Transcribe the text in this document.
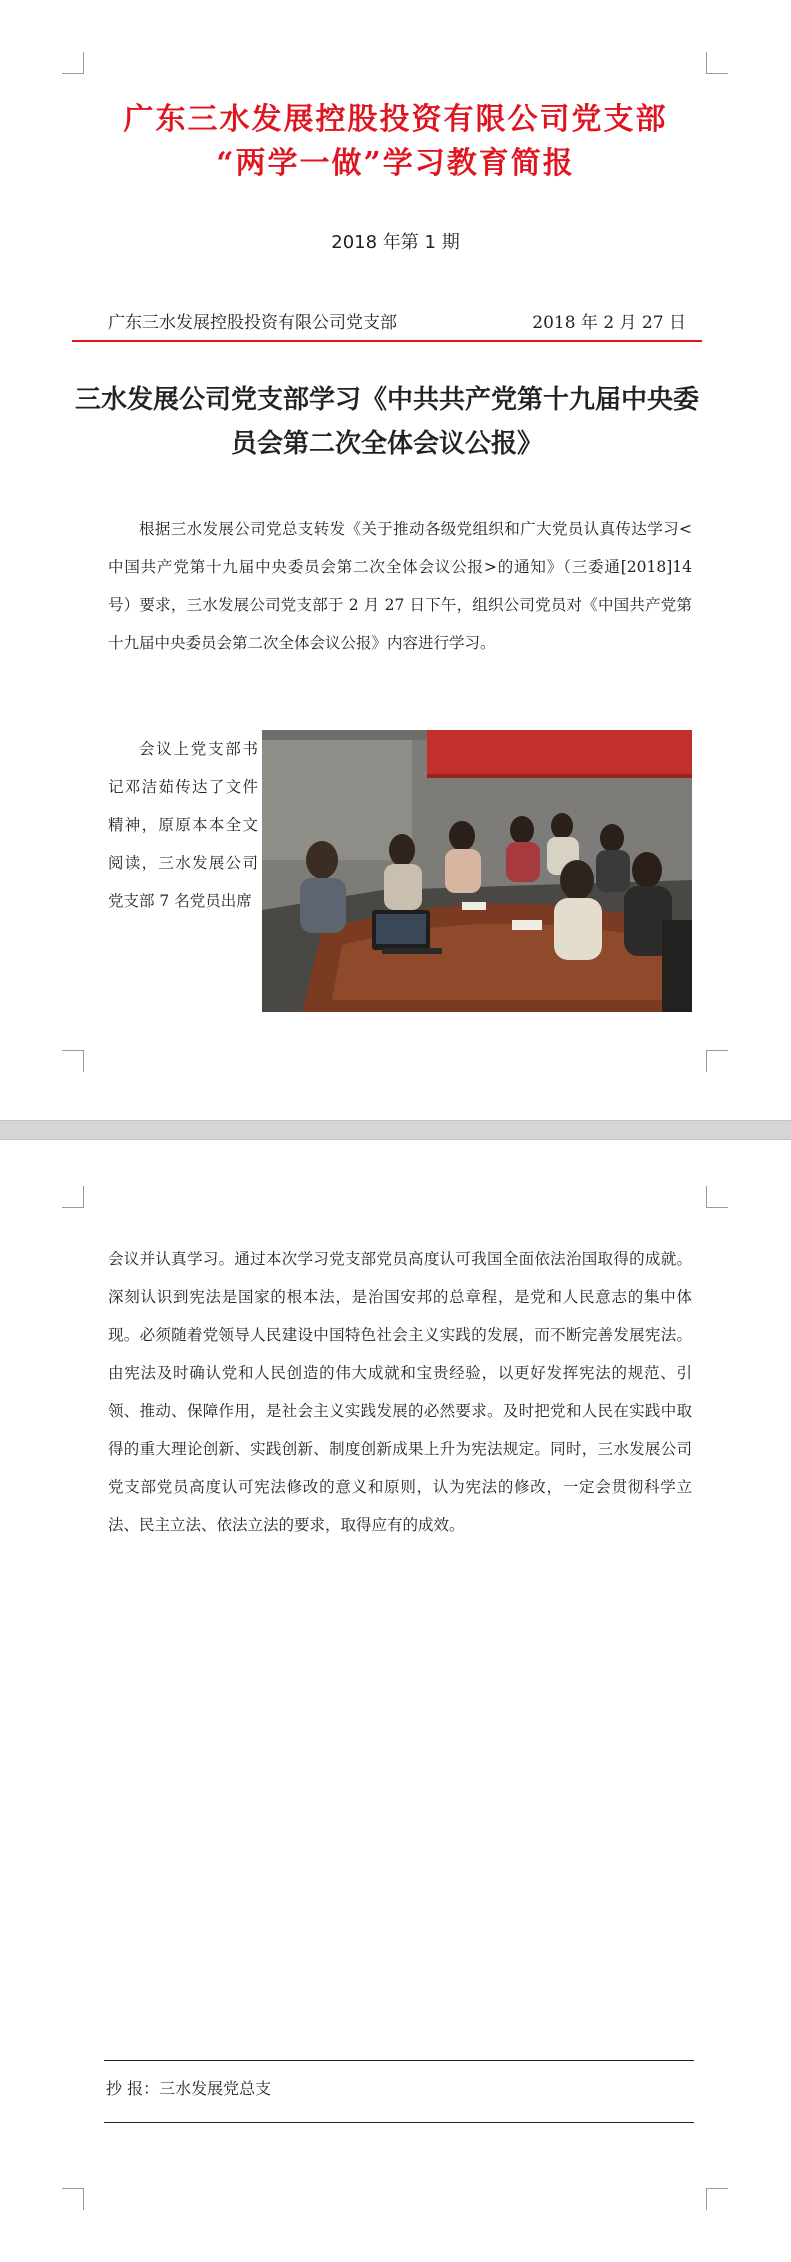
广东三水发展控股投资有限公司党支部
“两学一做”学习教育简报
2018 年第 1 期
广东三水发展控股投资有限公司党支部	2018 年 2 月 27 日
三水发展公司党支部学习《中共共产党第十九届中央委员会第二次全体会议公报》

根据三水发展公司党总支转发《关于推动各级党组织和广大党员认真传达学习<中国共产党第十九届中央委员会第二次全体会议公报>的通知》（三委通[2018]14 号）要求，三水发展公司党支部于 2 月 27 日下午，组织公司党员对《中国共产党第十九届中央委员会第二次全体会议公报》内容进行学习。

会议上党支部书记邓洁茹传达了文件精神，原原本本全文阅读，三水发展公司党支部 7 名党员出席

会议并认真学习。通过本次学习党支部党员高度认可我国全面依法治国取得的成就。深刻认识到宪法是国家的根本法，是治国安邦的总章程，是党和人民意志的集中体现。必须随着党领导人民建设中国特色社会主义实践的发展，而不断完善发展宪法。由宪法及时确认党和人民创造的伟大成就和宝贵经验，以更好发挥宪法的规范、引领、推动、保障作用，是社会主义实践发展的必然要求。及时把党和人民在实践中取得的重大理论创新、实践创新、制度创新成果上升为宪法规定。同时，三水发展公司党支部党员高度认可宪法修改的意义和原则，认为宪法的修改，一定会贯彻科学立法、民主立法、依法立法的要求，取得应有的成效。

抄 报：三水发展党总支
